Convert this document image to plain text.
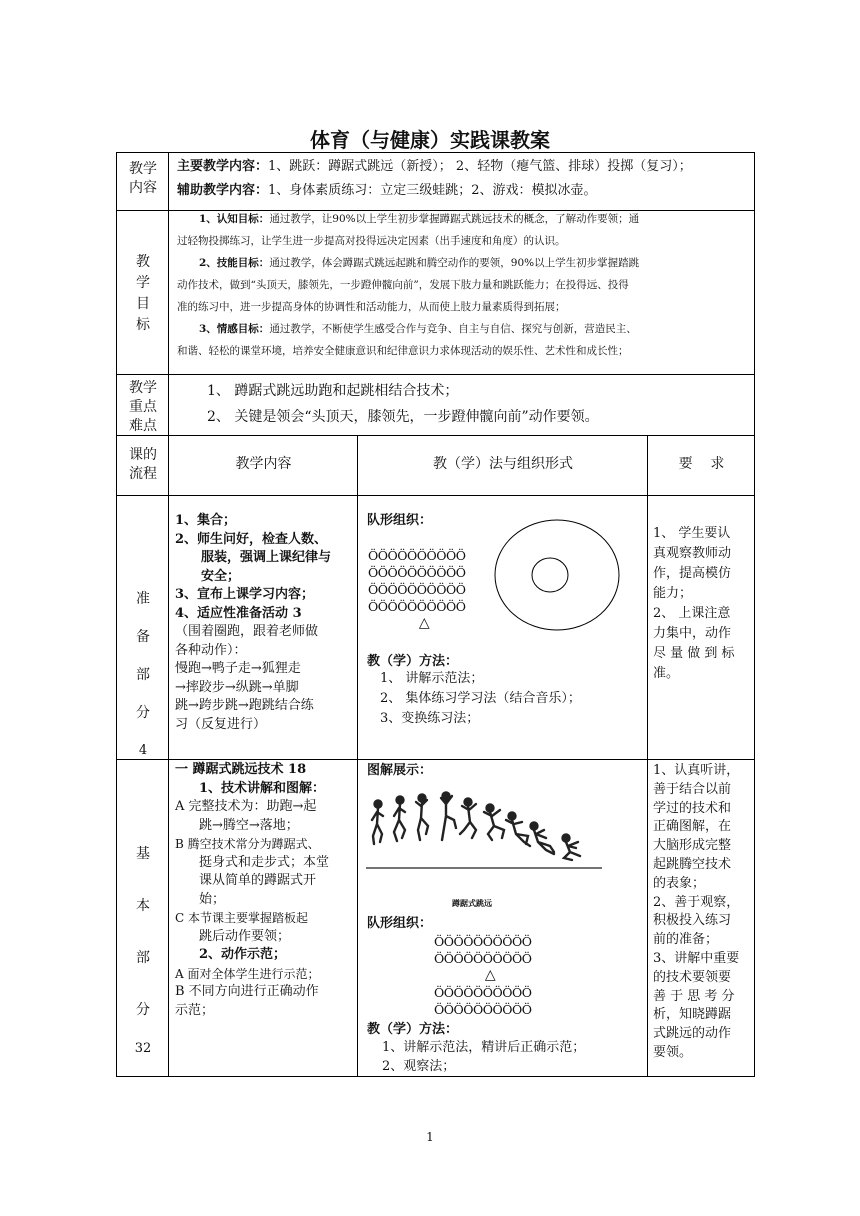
体育（与健康）实践课教案
教学内容
主要教学内容：1、跳跃：蹲踞式跳远（新授）； 2、轻物（瘪气篮、排球）投掷（复习）；
辅助教学内容：1、身体素质练习：立定三级蛙跳；2、游戏：模拟冰壶。
教学目标
1、认知目标：通过教学，让90%以上学生初步掌握蹲踞式跳远技术的概念，了解动作要领；通
过轻物投掷练习，让学生进一步提高对投得远决定因素（出手速度和角度）的认识。
2、技能目标：通过教学，体会蹲踞式跳远起跳和腾空动作的要领，90%以上学生初步掌握踏跳
动作技术，做到“头顶天，膝领先，一步蹬伸髋向前”，发展下肢力量和跳跃能力；在投得远、投得
准的练习中，进一步提高身体的协调性和活动能力，从而使上肢力量素质得到拓展；
3、情感目标：通过教学，不断使学生感受合作与竞争、自主与自信、探究与创新，营造民主、
和谐、轻松的课堂环境，培养安全健康意识和纪律意识力求体现活动的娱乐性、艺术性和成长性；
教学重点难点
1、 蹲踞式跳远助跑和起跳相结合技术；
2、 关键是领会“头顶天，膝领先，一步蹬伸髋向前”动作要领。
课的流程
教学内容	教（学）法与组织形式	要    求
准
备
部
分
4
1、集合；
2、师生问好，检查人数、
服装，强调上课纪律与
安全；
3、宣布上课学习内容；
4、适应性准备活动 3
（围着圈跑，跟着老师做
各种动作）：
慢跑→鸭子走→狐狸走
→摔跤步→纵跳→单脚
跳→跨步跳→跑跳结合练
习（反复进行）
队形组织：
ÖÖÖÖÖÖÖÖÖÖ
ÖÖÖÖÖÖÖÖÖÖ
ÖÖÖÖÖÖÖÖÖÖ
ÖÖÖÖÖÖÖÖÖÖ
△
教（学）方法：
1、 讲解示范法；
2、 集体练习学习法（结合音乐）；
3、变换练习法；
1、 学生要认
真观察教师动
作，提高模仿
能力；
2、 上课注意
力集中，动作
尽 量 做 到 标
准。
基
本
部
分
32
一 蹲踞式跳远技术 18
1、技术讲解和图解：
A 完整技术为：助跑→起
跳→腾空→落地；
B 腾空技术常分为蹲踞式、
挺身式和走步式；本堂
课从简单的蹲踞式开
始；
C 本节课主要掌握踏板起
跳后动作要领；
2、动作示范；
A 面对全体学生进行示范；
B 不同方向进行正确动作
示范；
图解展示：
蹲踞式跳远
队形组织：
ÖÖÖÖÖÖÖÖÖÖ
ÖÖÖÖÖÖÖÖÖÖ
△
ÖÖÖÖÖÖÖÖÖÖ
ÖÖÖÖÖÖÖÖÖÖ
教（学）方法：
1、讲解示范法，精讲后正确示范；
2、观察法；
1、认真听讲，
善于结合以前
学过的技术和
正确图解，在
大脑形成完整
起跳腾空技术
的表象；
2、善于观察，
积极投入练习
前的准备；
3、讲解中重要
的技术要领要
善 于 思 考 分
析，知晓蹲踞
式跳远的动作
要领。
1
